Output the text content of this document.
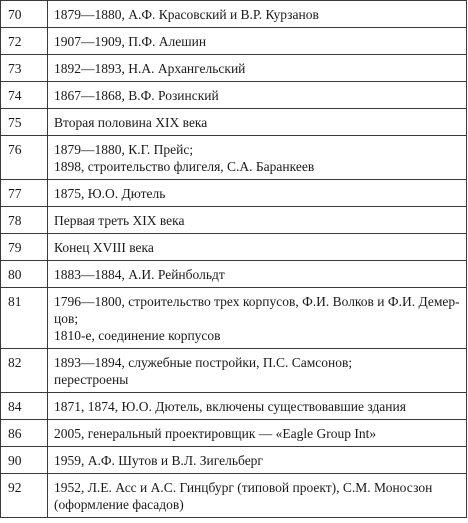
70	1879—1880, А.Ф. Красовский и В.Р. Курзанов

72	1907—1909, П.Ф. Алешин

73	1892—1893, Н.А. Архангельский

74	1867—1868, В.Ф. Розинский

75	Вторая половина XIX века

76	1879—1880, К.Г. Прейс;
1898, строительство флигеля, С.А. Баранкеев

77	1875, Ю.О. Дютель

78	Первая треть XIX века

79	Конец XVIII века

80	1883—1884, А.И. Рейнбольдт

81	1796—1800, строительство трех корпусов, Ф.И. Волков и Ф.И. Демер-
цов;
1810-е, соединение корпусов

82	1893—1894, служебные постройки, П.С. Самсонов;
перестроены

84	1871, 1874, Ю.О. Дютель, включены существовавшие здания

86	2005, генеральный проектировщик — «Eagle Group Int»

90	1959, А.Ф. Шутов и В.Л. Зигельберг

92	1952, Л.Е. Асс и А.С. Гинцбург (типовой проект), С.М. Моносзон
(оформление фасадов)
